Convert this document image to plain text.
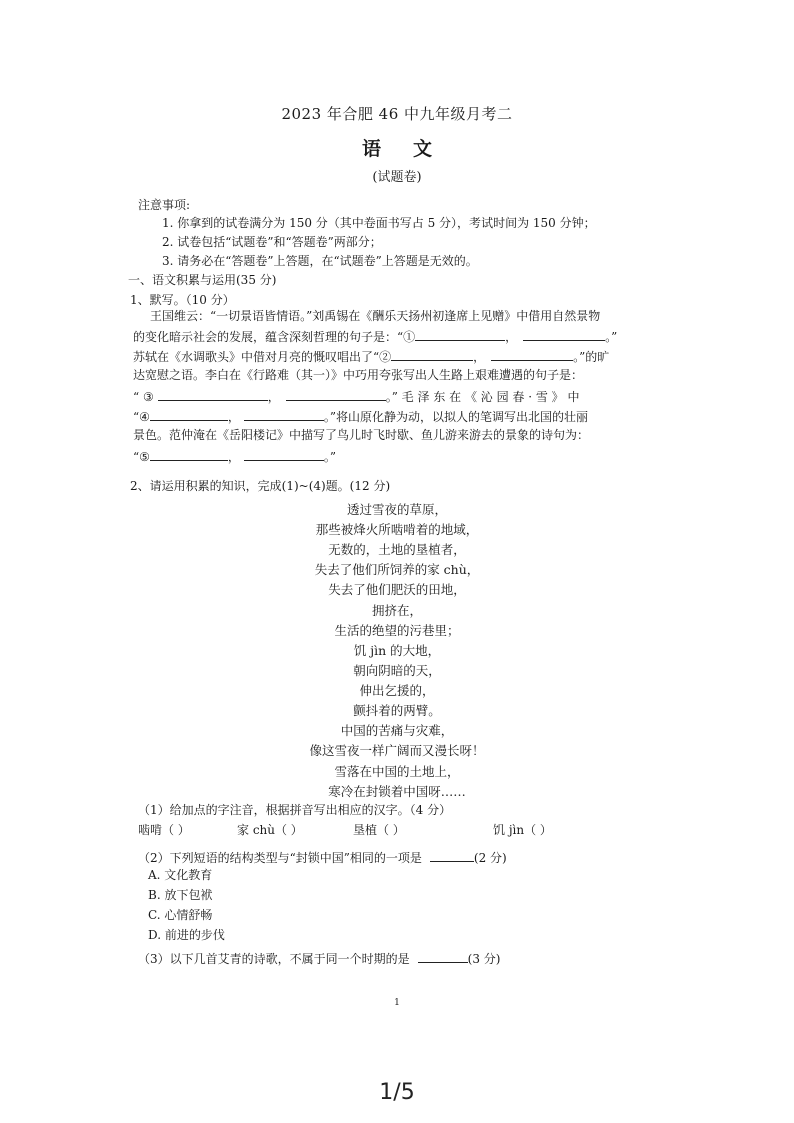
2023 年合肥 46 中九年级月考二
语文
(试题卷)
注意事项:
1. 你拿到的试卷满分为 150 分（其中卷面书写占 5 分），考试时间为 150 分钟；
2. 试卷包括“试题卷”和“答题卷”两部分；
3. 请务必在“答题卷”上答题，在“试题卷”上答题是无效的。
一、语文积累与运用(35 分)
1、默写。（10 分）
王国维云：“一切景语皆情语。”刘禹锡在《酬乐天扬州初逢席上见赠》中借用自然景物
的变化暗示社会的发展，蕴含深刻哲理的句子是：“①	，	。”
苏轼在《水调歌头》中借对月亮的慨叹唱出了“②	，	。”的旷
达宽慰之语。李白在《行路难（其一）》中巧用夸张写出人生路上艰难遭遇的句子是：
“ ③	，	。” 毛 泽 东 在 《 沁 园 春 · 雪 》 中
“④	，	。”将山原化静为动，以拟人的笔调写出北国的壮丽
景色。范仲淹在《岳阳楼记》中描写了鸟儿时飞时歇、鱼儿游来游去的景象的诗句为：
“⑤	，	。”
2、请运用积累的知识，完成(1)~(4)题。(12 分)
透过雪夜的草原，
那些被烽火所啮啃着的地域，
无数的，土地的垦植者，
失去了他们所饲养的家 chù，
失去了他们肥沃的田地，
拥挤在，
生活的绝望的污巷里；
饥 jìn 的大地，
朝向阴暗的天，
伸出乞援的，
颤抖着的两臂。
中国的苦痛与灾难，
像这雪夜一样广阔而又漫长呀！
雪落在中国的土地上，
寒冷在封锁着中国呀……
（1）给加点的字注音，根据拼音写出相应的汉字。（4 分）
啮啃（ ）	家 chù（ ）	垦植（ ）	饥 jìn（ ）
（2）下列短语的结构类型与“封锁中国”相同的一项是	(2 分)
A. 文化教育
B. 放下包袱
C. 心情舒畅
D. 前进的步伐
（3）以下几首艾青的诗歌，不属于同一个时期的是	(3 分)
1
1/5
